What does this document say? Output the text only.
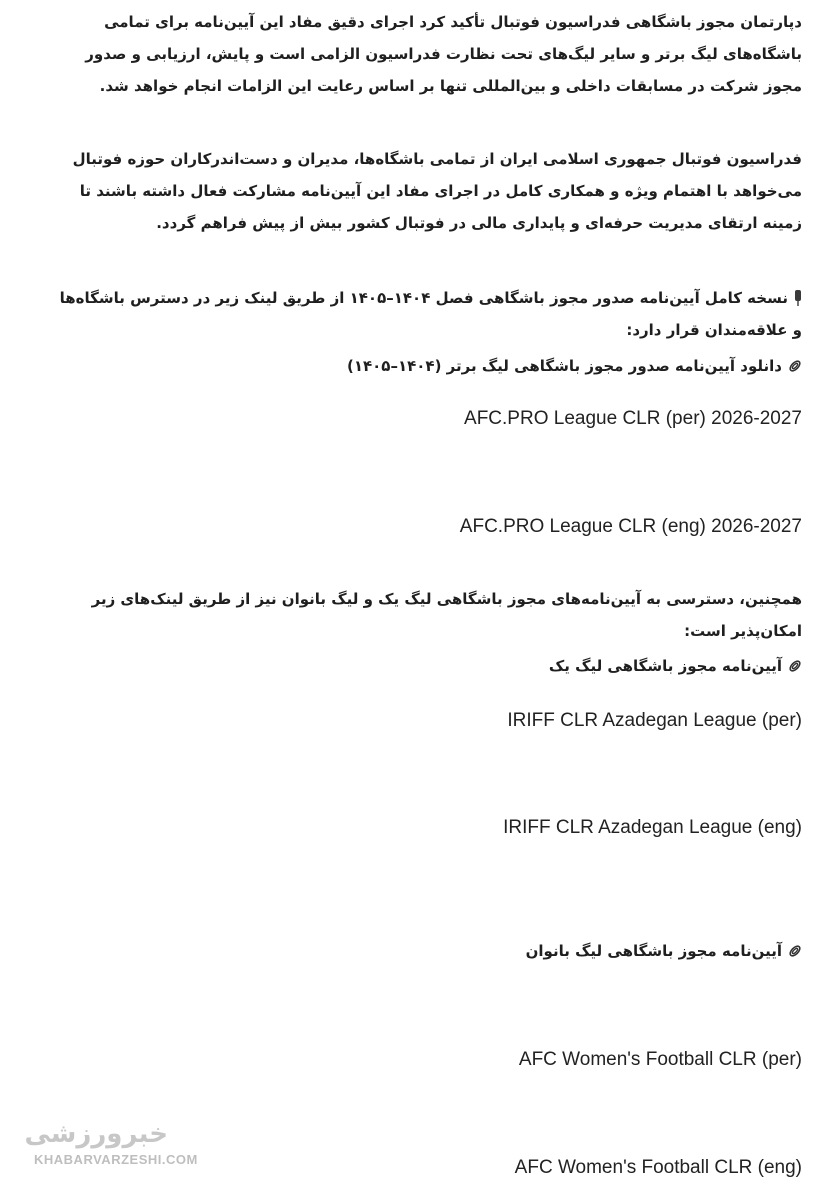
دپارتمان مجوز باشگاهی فدراسیون فوتبال تأکید کرد اجرای دقیق مفاد این آیین‌نامه برای تمامی
باشگاه‌های لیگ برتر و سایر لیگ‌های تحت نظارت فدراسیون الزامی است و پایش، ارزیابی و صدور
مجوز شرکت در مسابقات داخلی و بین‌المللی تنها بر اساس رعایت این الزامات انجام خواهد شد.
فدراسیون فوتبال جمهوری اسلامی ایران از تمامی باشگاه‌ها، مدیران و دست‌اندرکاران حوزه فوتبال
می‌خواهد با اهتمام ویژه و همکاری کامل در اجرای مفاد این آیین‌نامه مشارکت فعال داشته باشند تا
زمینه ارتقای مدیریت حرفه‌ای و پایداری مالی در فوتبال کشور بیش از پیش فراهم گردد.
نسخه کامل آیین‌نامه صدور مجوز باشگاهی فصل ۱۴۰۴–۱۴۰۵ از طریق لینک زیر در دسترس باشگاه‌ها
و علاقه‌مندان قرار دارد:
دانلود آیین‌نامه صدور مجوز باشگاهی لیگ برتر (۱۴۰۴–۱۴۰۵)
AFC.PRO League CLR (per) 2026-2027
AFC.PRO League CLR (eng) 2026-2027
همچنین، دسترسی به آیین‌نامه‌های مجوز باشگاهی لیگ یک و لیگ بانوان نیز از طریق لینک‌های زیر
امکان‌پذیر است:
آیین‌نامه مجوز باشگاهی لیگ یک
IRIFF CLR Azadegan League (per)
IRIFF CLR Azadegan League (eng)
آیین‌نامه مجوز باشگاهی لیگ بانوان
AFC Women's Football CLR (per)
AFC Women's Football CLR (eng)
خبرورزشی
KHABARVARZESHI.COM
